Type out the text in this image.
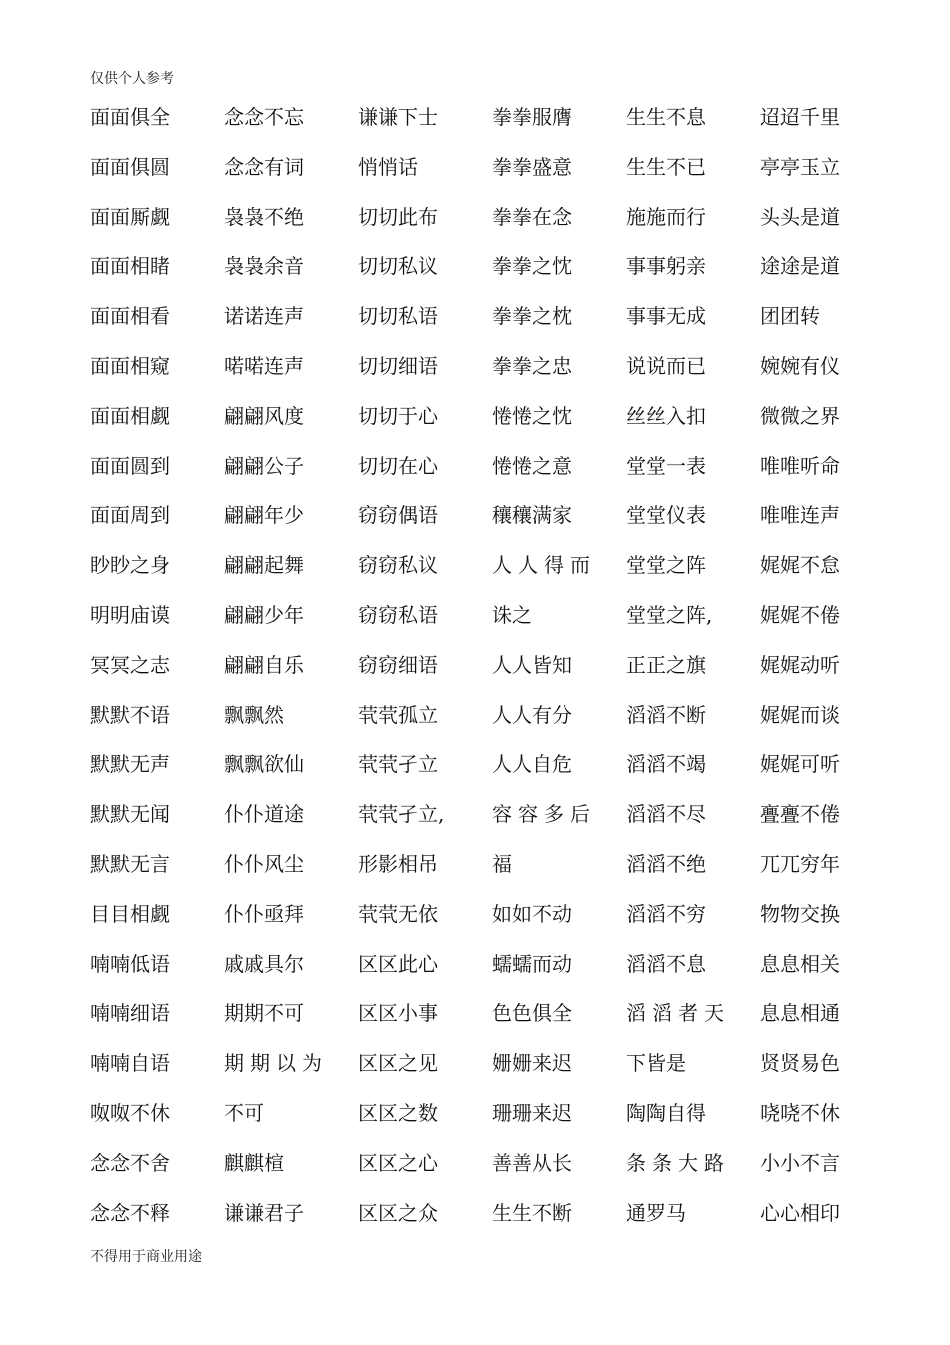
仅供个人参考
面面俱全	念念不忘	谦谦下士	拳拳服膺	生生不息	迢迢千里
面面俱圆	念念有词	悄悄话	拳拳盛意	生生不已	亭亭玉立
面面厮觑	袅袅不绝	切切此布	拳拳在念	施施而行	头头是道
面面相睹	袅袅余音	切切私议	拳拳之忱	事事躬亲	途途是道
面面相看	诺诺连声	切切私语	拳拳之枕	事事无成	团团转
面面相窥	喏喏连声	切切细语	拳拳之忠	说说而已	婉婉有仪
面面相觑	翩翩风度	切切于心	惓惓之忱	丝丝入扣	微微之界
面面圆到	翩翩公子	切切在心	惓惓之意	堂堂一表	唯唯听命
面面周到	翩翩年少	窃窃偶语	穰穰满家	堂堂仪表	唯唯连声
眇眇之身	翩翩起舞	窃窃私议	人人得而	堂堂之阵	娓娓不怠
明明庙谟	翩翩少年	窃窃私语	诛之	堂堂之阵,	娓娓不倦
冥冥之志	翩翩自乐	窃窃细语	人人皆知	正正之旗	娓娓动听
默默不语	飘飘然	茕茕孤立	人人有分	滔滔不断	娓娓而谈
默默无声	飘飘欲仙	茕茕孑立	人人自危	滔滔不竭	娓娓可听
默默无闻	仆仆道途	茕茕孑立,	容容多后	滔滔不尽	亹亹不倦
默默无言	仆仆风尘	形影相吊	福	滔滔不绝	兀兀穷年
目目相觑	仆仆亟拜	茕茕无依	如如不动	滔滔不穷	物物交换
喃喃低语	戚戚具尔	区区此心	蠕蠕而动	滔滔不息	息息相关
喃喃细语	期期不可	区区小事	色色俱全	滔滔者天	息息相通
喃喃自语	期期以为	区区之见	姗姗来迟	下皆是	贤贤易色
呶呶不休	不可	区区之数	珊珊来迟	陶陶自得	哓哓不休
念念不舍	麒麒楦	区区之心	善善从长	条条大路	小小不言
念念不释	谦谦君子	区区之众	生生不断	通罗马	心心相印
不得用于商业用途
